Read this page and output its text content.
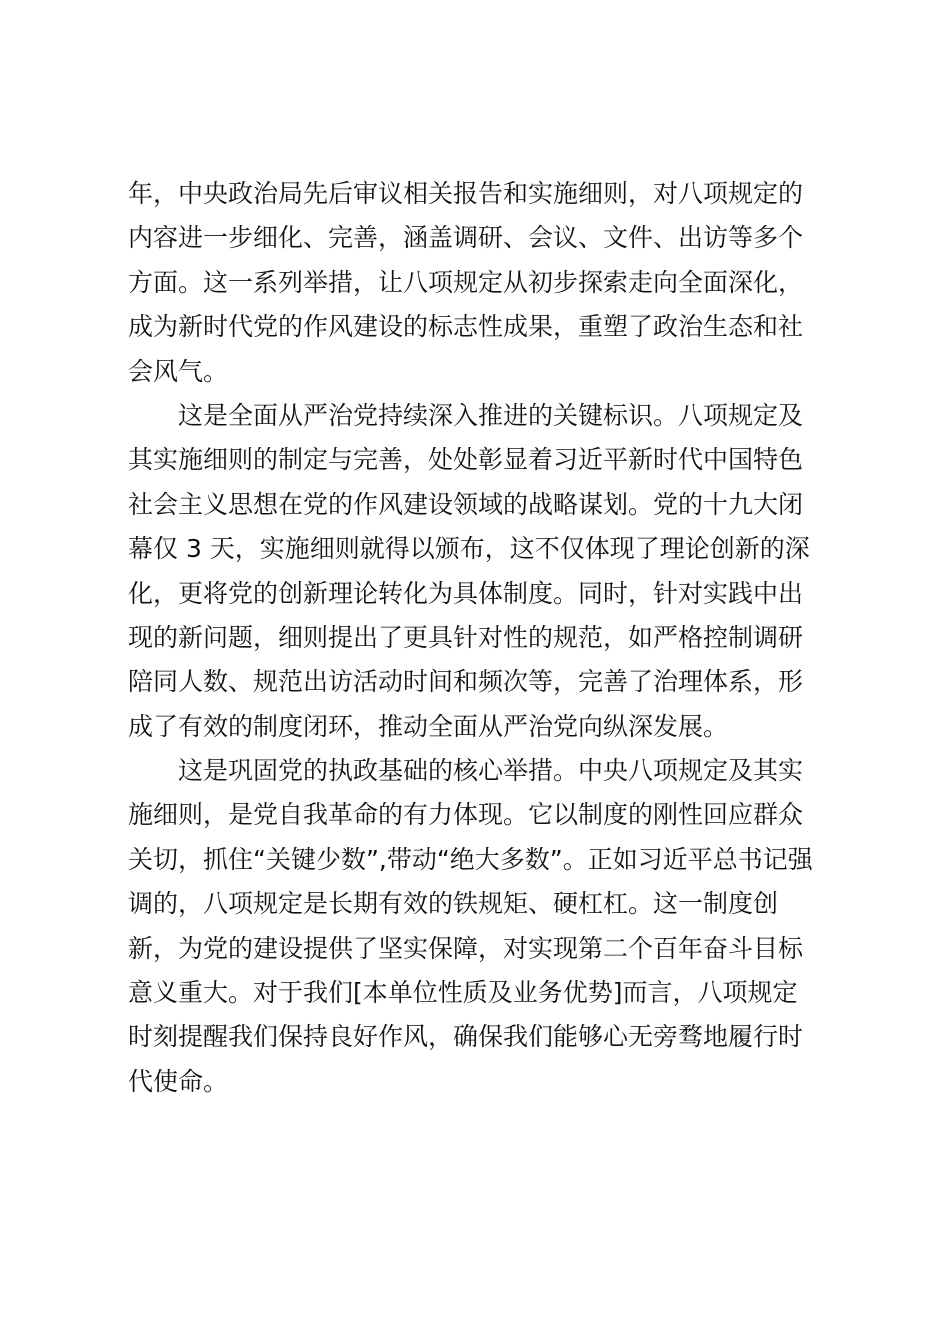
年，中央政治局先后审议相关报告和实施细则，对八项规定的
内容进一步细化、完善，涵盖调研、会议、文件、出访等多个
方面。这一系列举措，让八项规定从初步探索走向全面深化，
成为新时代党的作风建设的标志性成果，重塑了政治生态和社
会风气。
这是全面从严治党持续深入推进的关键标识。八项规定及
其实施细则的制定与完善，处处彰显着习近平新时代中国特色
社会主义思想在党的作风建设领域的战略谋划。党的十九大闭
幕仅 3 天，实施细则就得以颁布，这不仅体现了理论创新的深
化，更将党的创新理论转化为具体制度。同时，针对实践中出
现的新问题，细则提出了更具针对性的规范，如严格控制调研
陪同人数、规范出访活动时间和频次等，完善了治理体系，形
成了有效的制度闭环，推动全面从严治党向纵深发展。
这是巩固党的执政基础的核心举措。中央八项规定及其实
施细则，是党自我革命的有力体现。它以制度的刚性回应群众
关切，抓住“关键少数”,带动“绝大多数”。正如习近平总书记强
调的，八项规定是长期有效的铁规矩、硬杠杠。这一制度创
新，为党的建设提供了坚实保障，对实现第二个百年奋斗目标
意义重大。对于我们[本单位性质及业务优势]而言，八项规定
时刻提醒我们保持良好作风，确保我们能够心无旁骛地履行时
代使命。
